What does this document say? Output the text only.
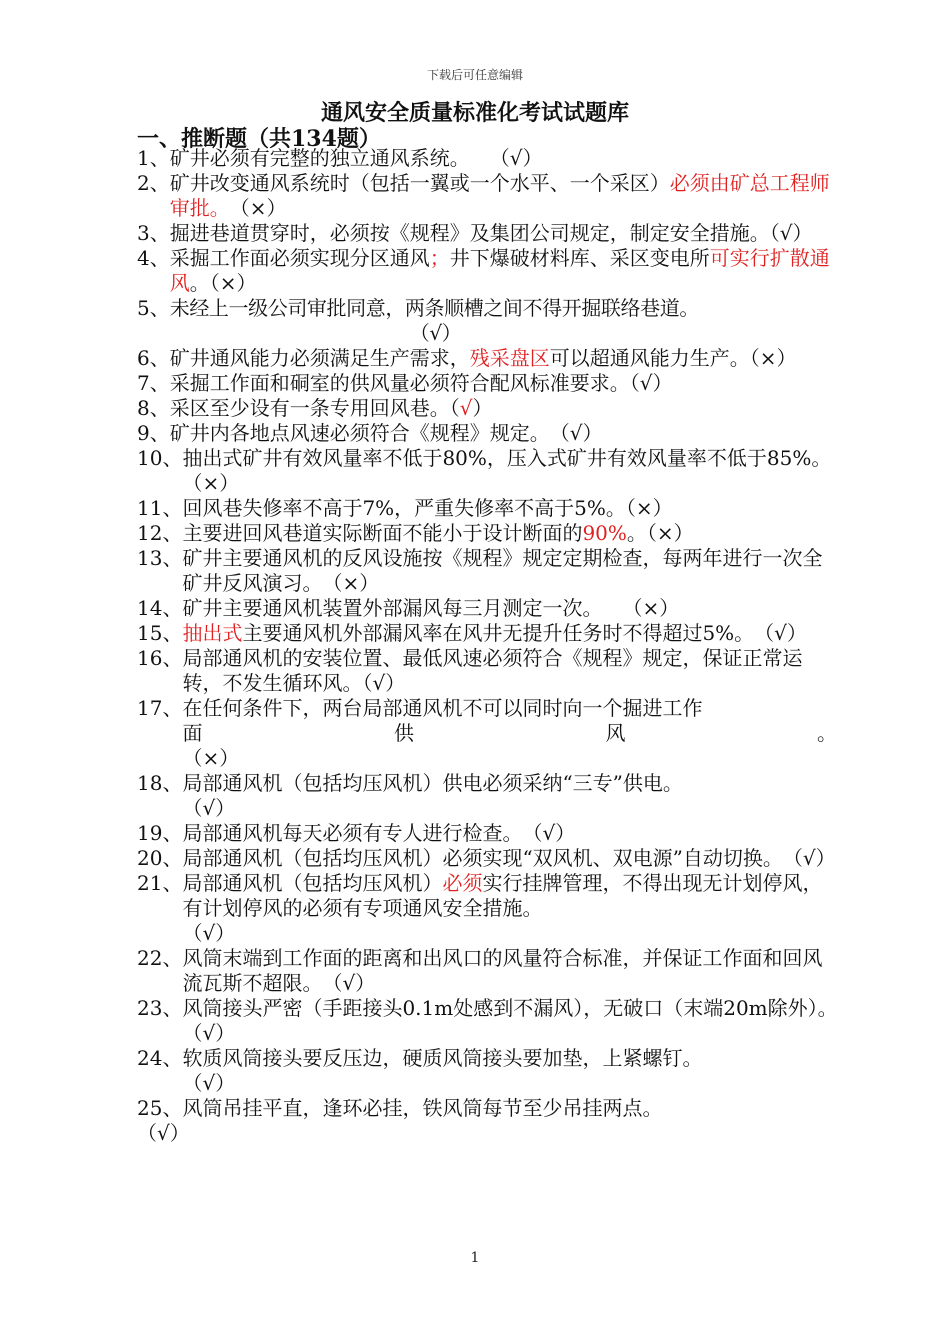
下载后可任意编辑
通风安全质量标准化考试试题库
一、推断题（共134题）
1、 矿井必须有完整的独立通风系统。　　（√）
2、 矿井改变通风系统时（包括一翼或一个水平、一个采区）必须由矿总工程师审批。　（×）
3、 掘进巷道贯穿时，必须按《规程》及集团公司规定，制定安全措施。（√）
4、 采掘工作面必须实现分区通风；井下爆破材料库、采区变电所可实行扩散通风。（×）
5、 未经上一级公司审批同意，两条顺槽之间不得开掘联络巷道。
（√）
6、 矿井通风能力必须满足生产需求，残采盘区可以超通风能力生产。（×）
7、 采掘工作面和硐室的供风量必须符合配风标准要求。（√）
8、 采区至少设有一条专用回风巷。（√）
9、 矿井内各地点风速必须符合《规程》规定。　（√）
10、 抽出式矿井有效风量率不低于80%，压入式矿井有效风量率不低于85%。　（×）
11、 回风巷失修率不高于7%，严重失修率不高于5%。（×）
12、 主要进回风巷道实际断面不能小于设计断面的90%。（×）
13、 矿井主要通风机的反风设施按《规程》规定定期检查，每两年进行一次全矿井反风演习。　（×）
14、 矿井主要通风机装置外部漏风每三月测定一次。　　（×）
15、 抽出式主要通风机外部漏风率在风井无提升任务时不得超过5%。　（√）
16、 局部通风机的安装位置、最低风速必须符合《规程》规定，保证正常运转，不发生循环风。（√）
17、 在任何条件下，两台局部通风机不可以同时向一个掘进工作
面	供	风	。
（×）
18、 局部通风机（包括均压风机）供电必须采纳“三专”供电。
（√）
19、 局部通风机每天必须有专人进行检查。　（√）
20、 局部通风机（包括均压风机）必须实现“双风机、双电源”自动切换。　（√）
21、 局部通风机（包括均压风机）必须实行挂牌管理，不得出现无计划停风，有计划停风的必须有专项通风安全措施。
（√）
22、 风筒末端到工作面的距离和出风口的风量符合标准，并保证工作面和回风流瓦斯不超限。　（√）
23、 风筒接头严密（手距接头0.1m处感到不漏风），无破口（末端20m除外）。　（√）
24、 软质风筒接头要反压边，硬质风筒接头要加垫，上紧螺钉。
（√）
25、 风筒吊挂平直，逢环必挂，铁风筒每节至少吊挂两点。
（√）
1
